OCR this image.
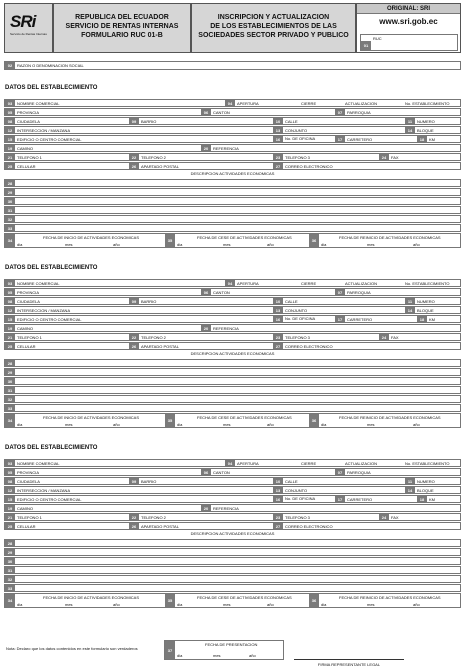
SRi
Servicio de Rentas Internas
REPUBLICA DEL ECUADOR
SERVICIO DE RENTAS INTERNAS
FORMULARIO RUC 01-B
INSCRIPCION Y ACTUALIZACION
DE LOS ESTABLECIMIENTOS DE LAS
SOCIEDADES SECTOR PRIVADO Y PUBLICO
ORIGINAL: SRI
www.sri.gob.ec
01
RUC
02	RAZON O DENOMINACION SOCIAL
DATOS DEL ESTABLECIMIENTO
03	NOMBRE COMERCIAL	04	APERTURA	CIERRE	ACTUALIZACION	No. ESTABLECIMIENTO
05	PROVINCIA	06	CANTON	07	PARROQUIA
08	CIUDADELA	09	BARRIO	10	CALLE	11	NUMERO
12	INTERSECCION / MANZANA	13	CONJUNTO	14	BLOQUE
15	EDIFICIO O CENTRO COMERCIAL	16	No. DE OFICINA	17	CARRETERO	18	KM
19	CAMINO	20	REFERENCIA
21	TELEFONO 1	22	TELEFONO 2	23	TELEFONO 3	24	FAX
25	CELULAR	26	APARTADO POSTAL	27	CORREO ELECTRONICO
DESCRIPCION ACTIVIDADES ECONOMICAS
28
29
30
31
32
33
34	35	36
FECHA DE INICIO DE ACTIVIDADES ECONOMICAS	FECHA DE CESE DE ACTIVIDADES ECONOMICAS	FECHA DE REINICIO DE ACTIVIDADES ECONOMICAS
dia	mes	año	dia	mes	año	dia	mes	año
DATOS DEL ESTABLECIMIENTO
03	NOMBRE COMERCIAL	04	APERTURA	CIERRE	ACTUALIZACION	No. ESTABLECIMIENTO
05	PROVINCIA	06	CANTON	07	PARROQUIA
08	CIUDADELA	09	BARRIO	10	CALLE	11	NUMERO
12	INTERSECCION / MANZANA	13	CONJUNTO	14	BLOQUE
15	EDIFICIO O CENTRO COMERCIAL	16	No. DE OFICINA	17	CARRETERO	18	KM
19	CAMINO	20	REFERENCIA
21	TELEFONO 1	22	TELEFONO 2	23	TELEFONO 3	24	FAX
25	CELULAR	26	APARTADO POSTAL	27	CORREO ELECTRONICO
DESCRIPCION ACTIVIDADES ECONOMICAS
28
29
30
31
32
33
34	35	36
FECHA DE INICIO DE ACTIVIDADES ECONOMICAS	FECHA DE CESE DE ACTIVIDADES ECONOMICAS	FECHA DE REINICIO DE ACTIVIDADES ECONOMICAS
dia	mes	año	dia	mes	año	dia	mes	año
DATOS DEL ESTABLECIMIENTO
03	NOMBRE COMERCIAL	04	APERTURA	CIERRE	ACTUALIZACION	No. ESTABLECIMIENTO
05	PROVINCIA	06	CANTON	07	PARROQUIA
08	CIUDADELA	09	BARRIO	10	CALLE	11	NUMERO
12	INTERSECCION / MANZANA	13	CONJUNTO	14	BLOQUE
15	EDIFICIO O CENTRO COMERCIAL	16	No. DE OFICINA	17	CARRETERO	18	KM
19	CAMINO	20	REFERENCIA
21	TELEFONO 1	22	TELEFONO 2	23	TELEFONO 3	24	FAX
25	CELULAR	26	APARTADO POSTAL	27	CORREO ELECTRONICO
DESCRIPCION ACTIVIDADES ECONOMICAS
28
29
30
31
32
33
34	35	36
FECHA DE INICIO DE ACTIVIDADES ECONOMICAS	FECHA DE CESE DE ACTIVIDADES ECONOMICAS	FECHA DE REINICIO DE ACTIVIDADES ECONOMICAS
dia	mes	año	dia	mes	año	dia	mes	año
Nota: Declaro que los datos contenidos en este formulario son verdaderos	37
FECHA DE PRESENTACION
dia	mes	año
FIRMA REPRESENTANTE LEGAL
